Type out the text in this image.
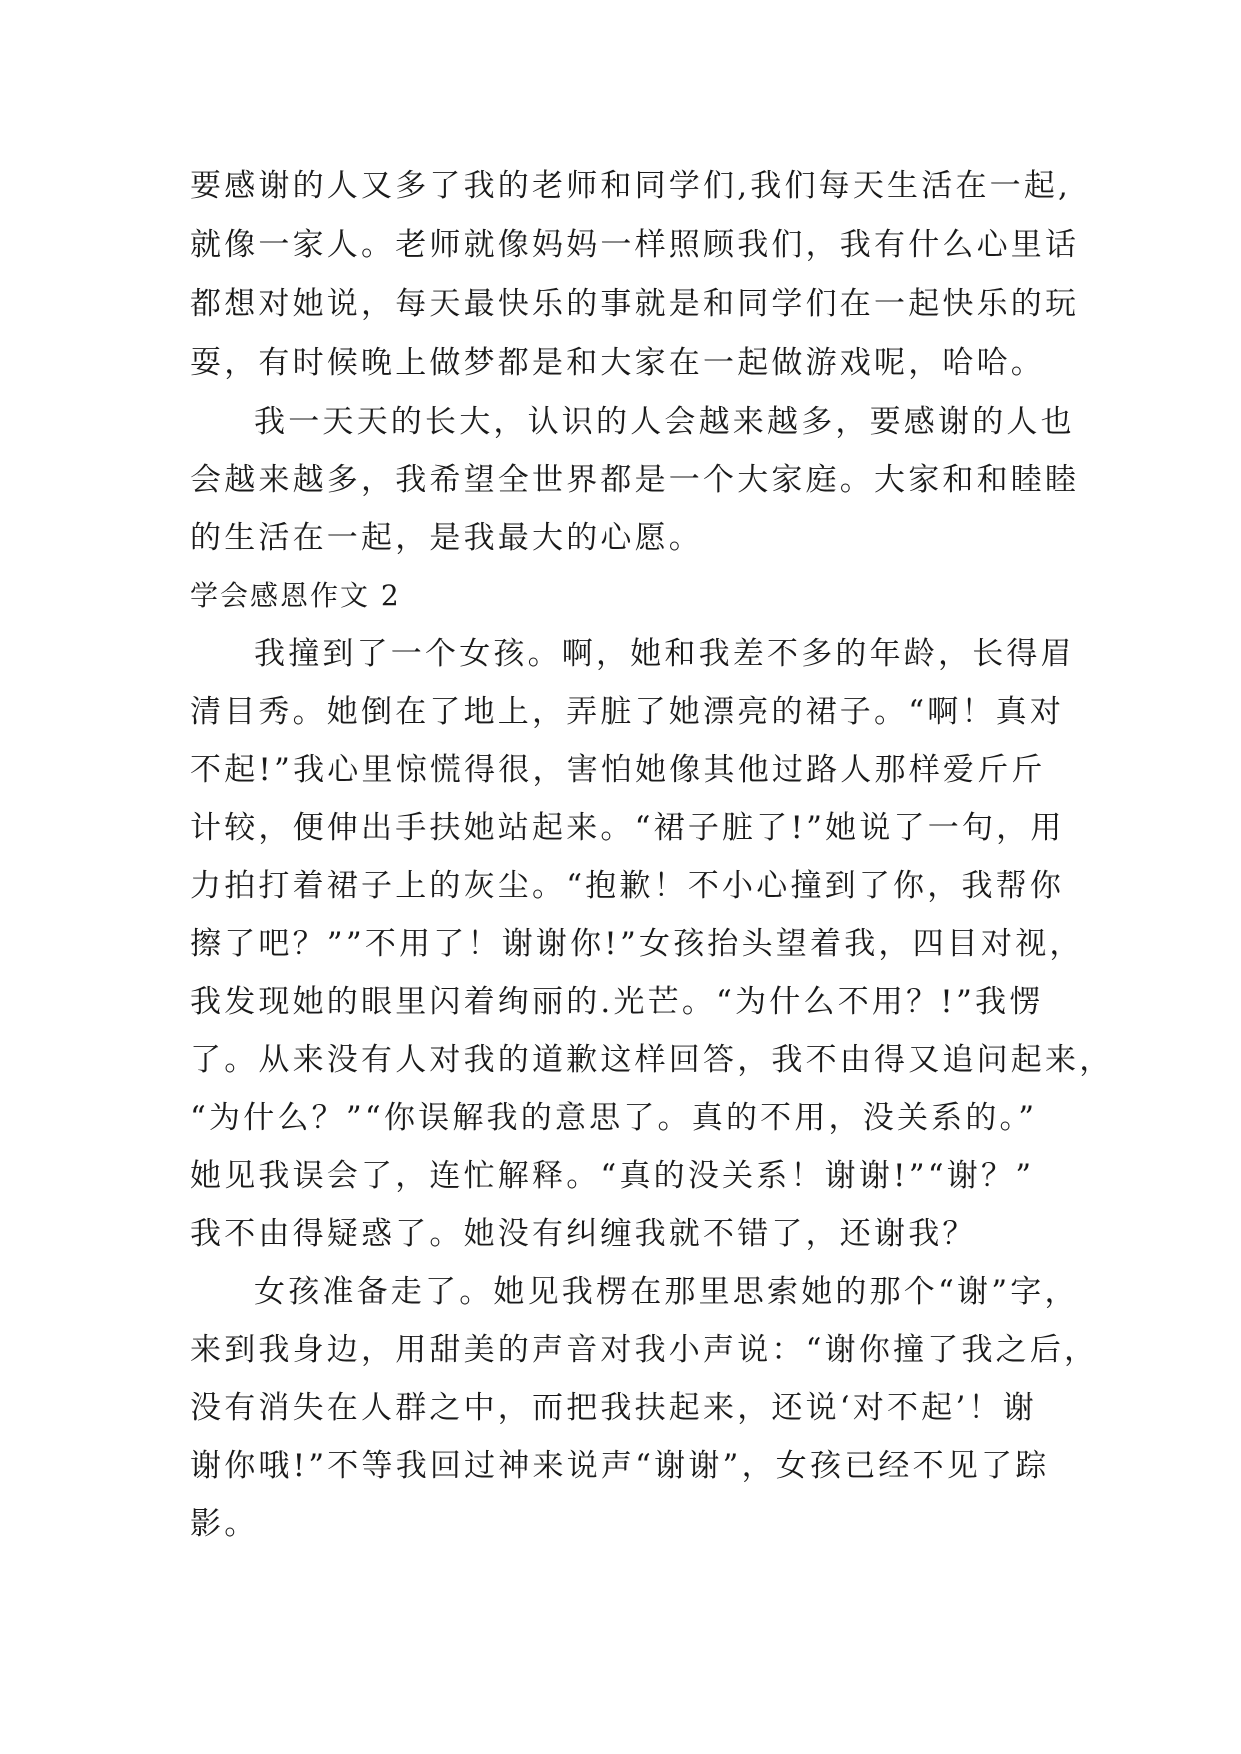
要感谢的人又多了我的老师和同学们,我们每天生活在一起,
就像一家人。老师就像妈妈一样照顾我们，我有什么心里话
都想对她说，每天最快乐的事就是和同学们在一起快乐的玩
耍，有时候晚上做梦都是和大家在一起做游戏呢，哈哈。
我一天天的长大，认识的人会越来越多，要感谢的人也
会越来越多，我希望全世界都是一个大家庭。大家和和睦睦
的生活在一起，是我最大的心愿。
学会感恩作文 2
我撞到了一个女孩。啊，她和我差不多的年龄，长得眉
清目秀。她倒在了地上，弄脏了她漂亮的裙子。“啊！真对
不起!”我心里惊慌得很，害怕她像其他过路人那样爱斤斤
计较，便伸出手扶她站起来。“裙子脏了!”她说了一句，用
力拍打着裙子上的灰尘。“抱歉！不小心撞到了你，我帮你
擦了吧？””不用了！谢谢你!”女孩抬头望着我，四目对视，
我发现她的眼里闪着绚丽的.光芒。“为什么不用？!”我愣
了。从来没有人对我的道歉这样回答，我不由得又追问起来，
“为什么？”“你误解我的意思了。真的不用，没关系的。”
她见我误会了，连忙解释。“真的没关系！谢谢!”“谢？”
我不由得疑惑了。她没有纠缠我就不错了，还谢我？
女孩准备走了。她见我楞在那里思索她的那个“谢”字，
来到我身边，用甜美的声音对我小声说：“谢你撞了我之后，
没有消失在人群之中，而把我扶起来，还说‘对不起’！谢
谢你哦!”不等我回过神来说声“谢谢”，女孩已经不见了踪
影。
